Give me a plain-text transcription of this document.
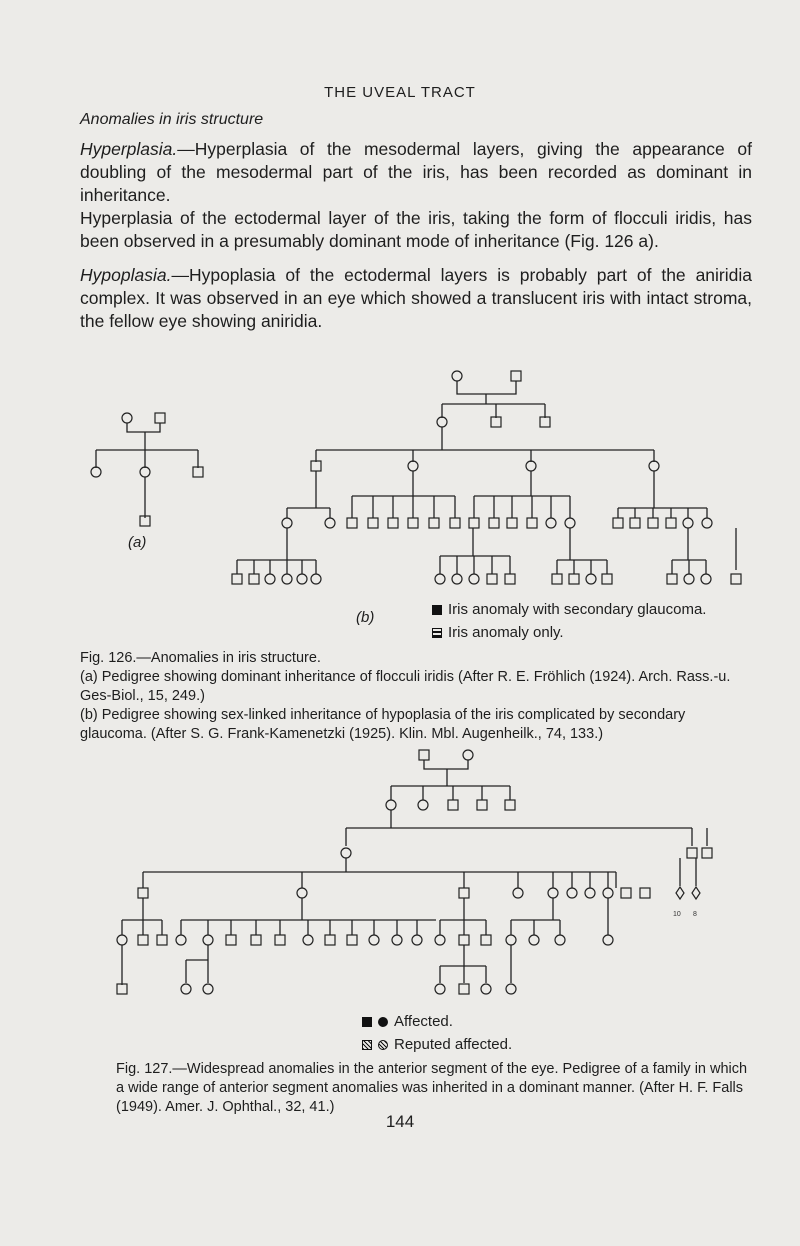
THE UVEAL TRACT
Anomalies in iris structure

Hyperplasia.—Hyperplasia of the mesodermal layers, giving the appearance of doubling of the mesodermal part of the iris, has been recorded as dominant in inheritance.

Hyperplasia of the ectodermal layer of the iris, taking the form of flocculi iridis, has been observed in a presumably dominant mode of inheritance (Fig. 126 a).

Hypoplasia.—Hypoplasia of the ectodermal layers is probably part of the aniridia complex. It was observed in an eye which showed a translucent iris with intact stroma, the fellow eye showing aniridia.

10 8
(a)
(b)	Iris anomaly with secondary glaucoma.
Iris anomaly only.

Fig. 126.—Anomalies in iris structure.
(a) Pedigree showing dominant inheritance of flocculi iridis (After R. E. Fröhlich (1924). Arch. Rass.-u. Ges-Biol., 15, 249.)
(b) Pedigree showing sex-linked inheritance of hypoplasia of the iris complicated by secondary glaucoma. (After S. G. Frank-Kamenetzki (1925). Klin. Mbl. Augenheilk., 74, 133.)

Affected.
Reputed affected.

Fig. 127.—Widespread anomalies in the anterior segment of the eye. Pedigree of a family in which a wide range of anterior segment anomalies was inherited in a dominant manner. (After H. F. Falls (1949). Amer. J. Ophthal., 32, 41.)

144
